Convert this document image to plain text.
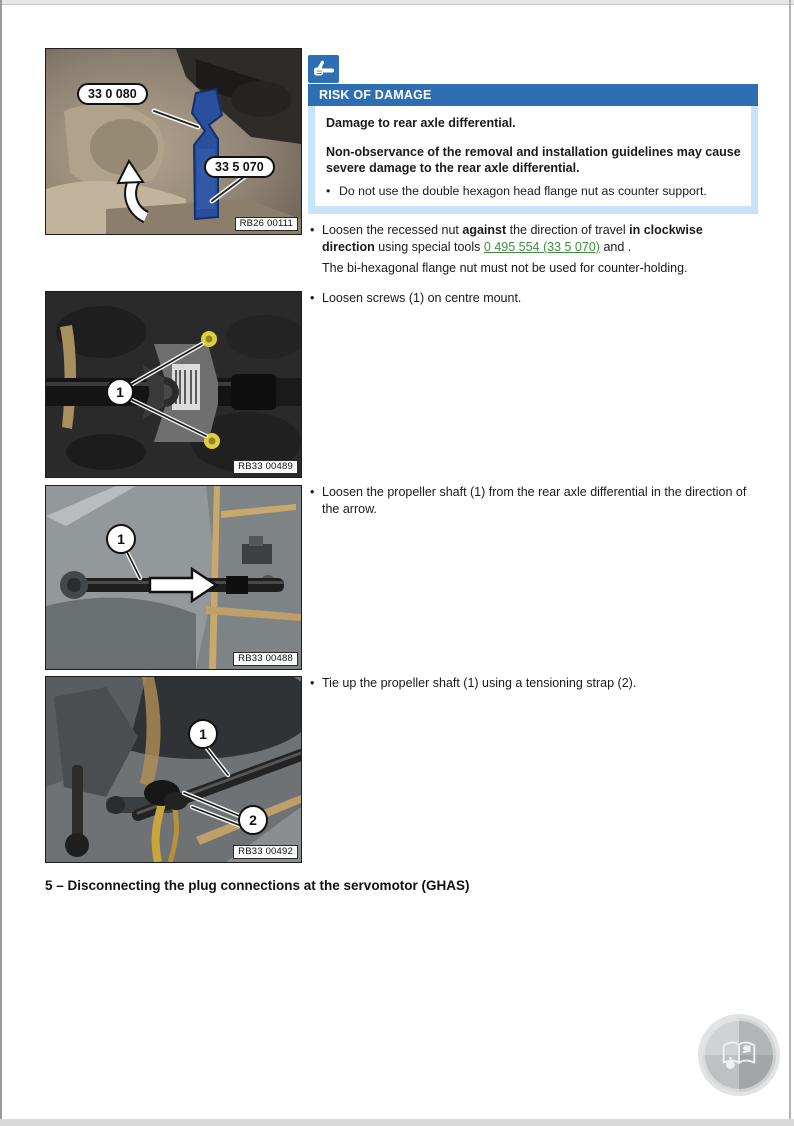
33 0 080
33 5 070
RB26 00111
1
RB33 00489
1
RB33 00488
1
2
RB33 00492
RISK OF DAMAGE

Damage to rear axle differential.

Non-observance of the removal and installation guidelines may cause severe damage to the rear axle differential.

• Do not use the double hexagon head flange nut as counter support.
• Loosen the recessed nut against the direction of travel in clockwise direction using special tools 0 495 554 (33 5 070) and .
The bi-hexagonal flange nut must not be used for counter-holding.
• Loosen screws (1) on centre mount.
• Loosen the propeller shaft (1) from the rear axle differential in the direction of the arrow.
• Tie up the propeller shaft (1) using a tensioning strap (2).
5 – Disconnecting the plug connections at the servomotor (GHAS)
